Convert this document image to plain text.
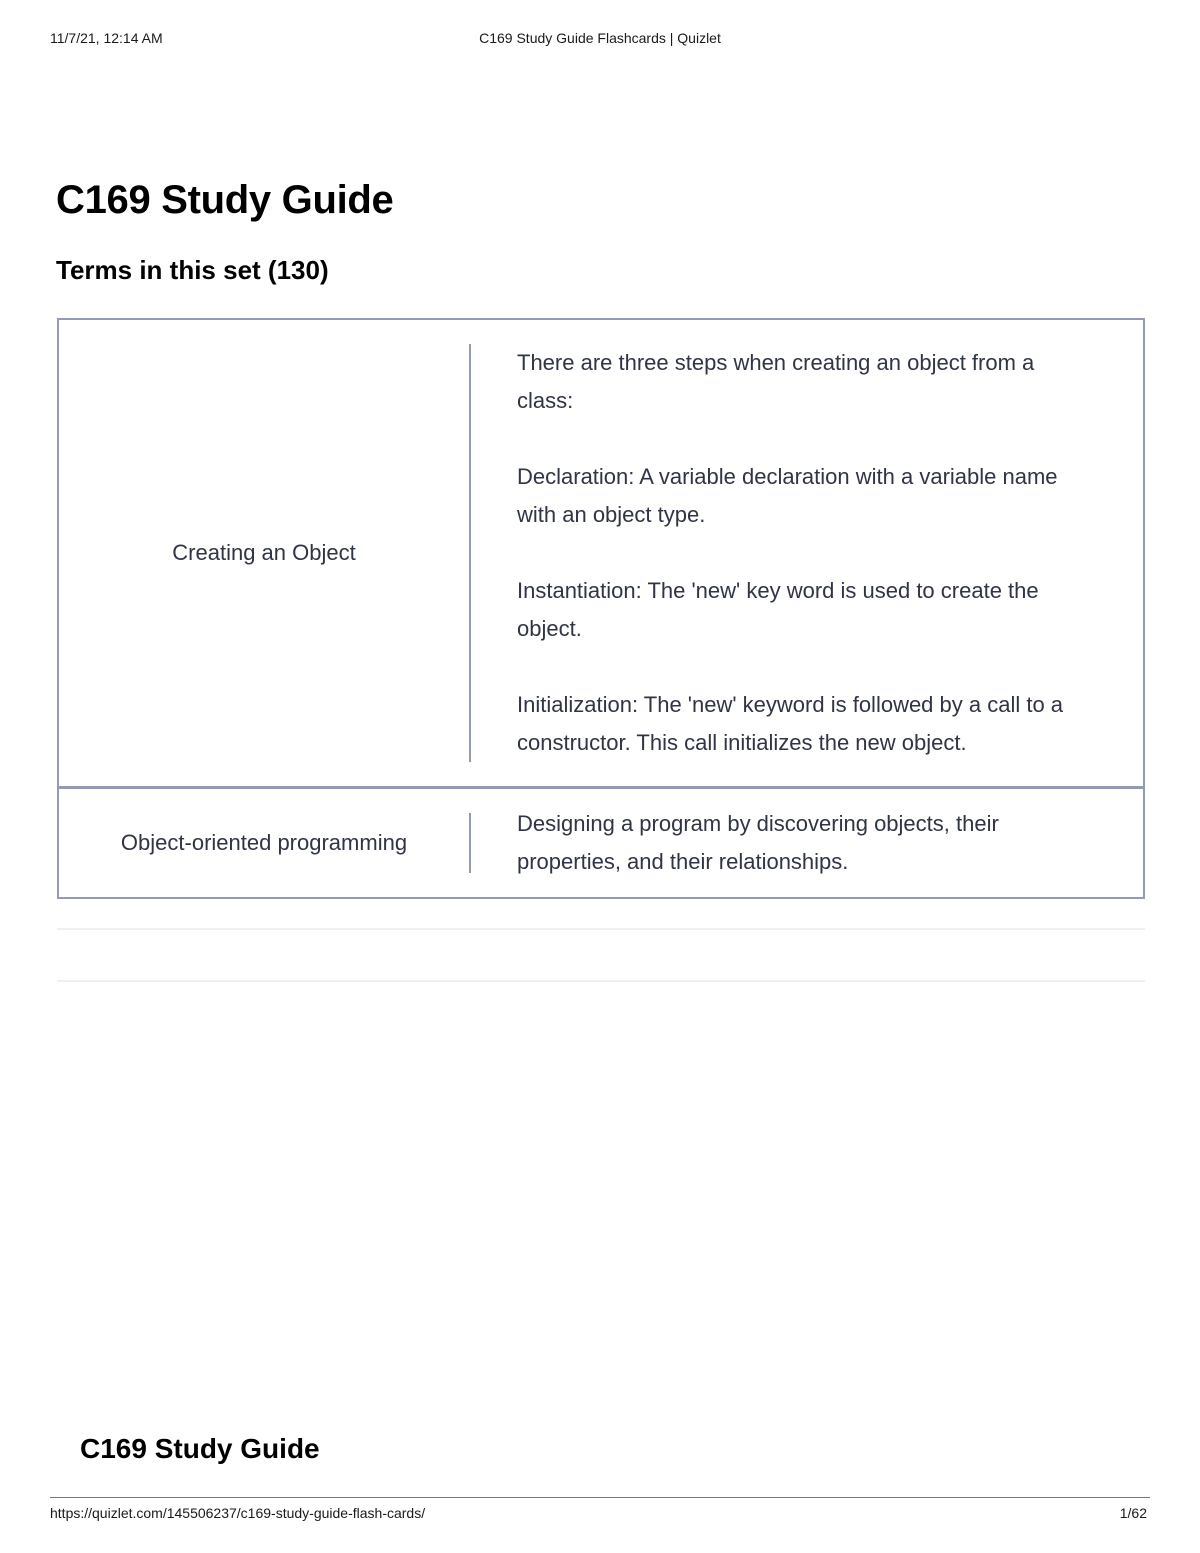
11/7/21, 12:14 AM	C169 Study Guide Flashcards | Quizlet
C169 Study Guide
Terms in this set (130)
Creating an Object

There are three steps when creating an object from a class:

Declaration: A variable declaration with a variable name with an object type.

Instantiation: The 'new' key word is used to create the object.

Initialization: The 'new' keyword is followed by a call to a constructor. This call initializes the new object.

Object-oriented programming

Designing a program by discovering objects, their properties, and their relationships.

C169 Study Guide
https://quizlet.com/145506237/c169-study-guide-flash-cards/	1/62
